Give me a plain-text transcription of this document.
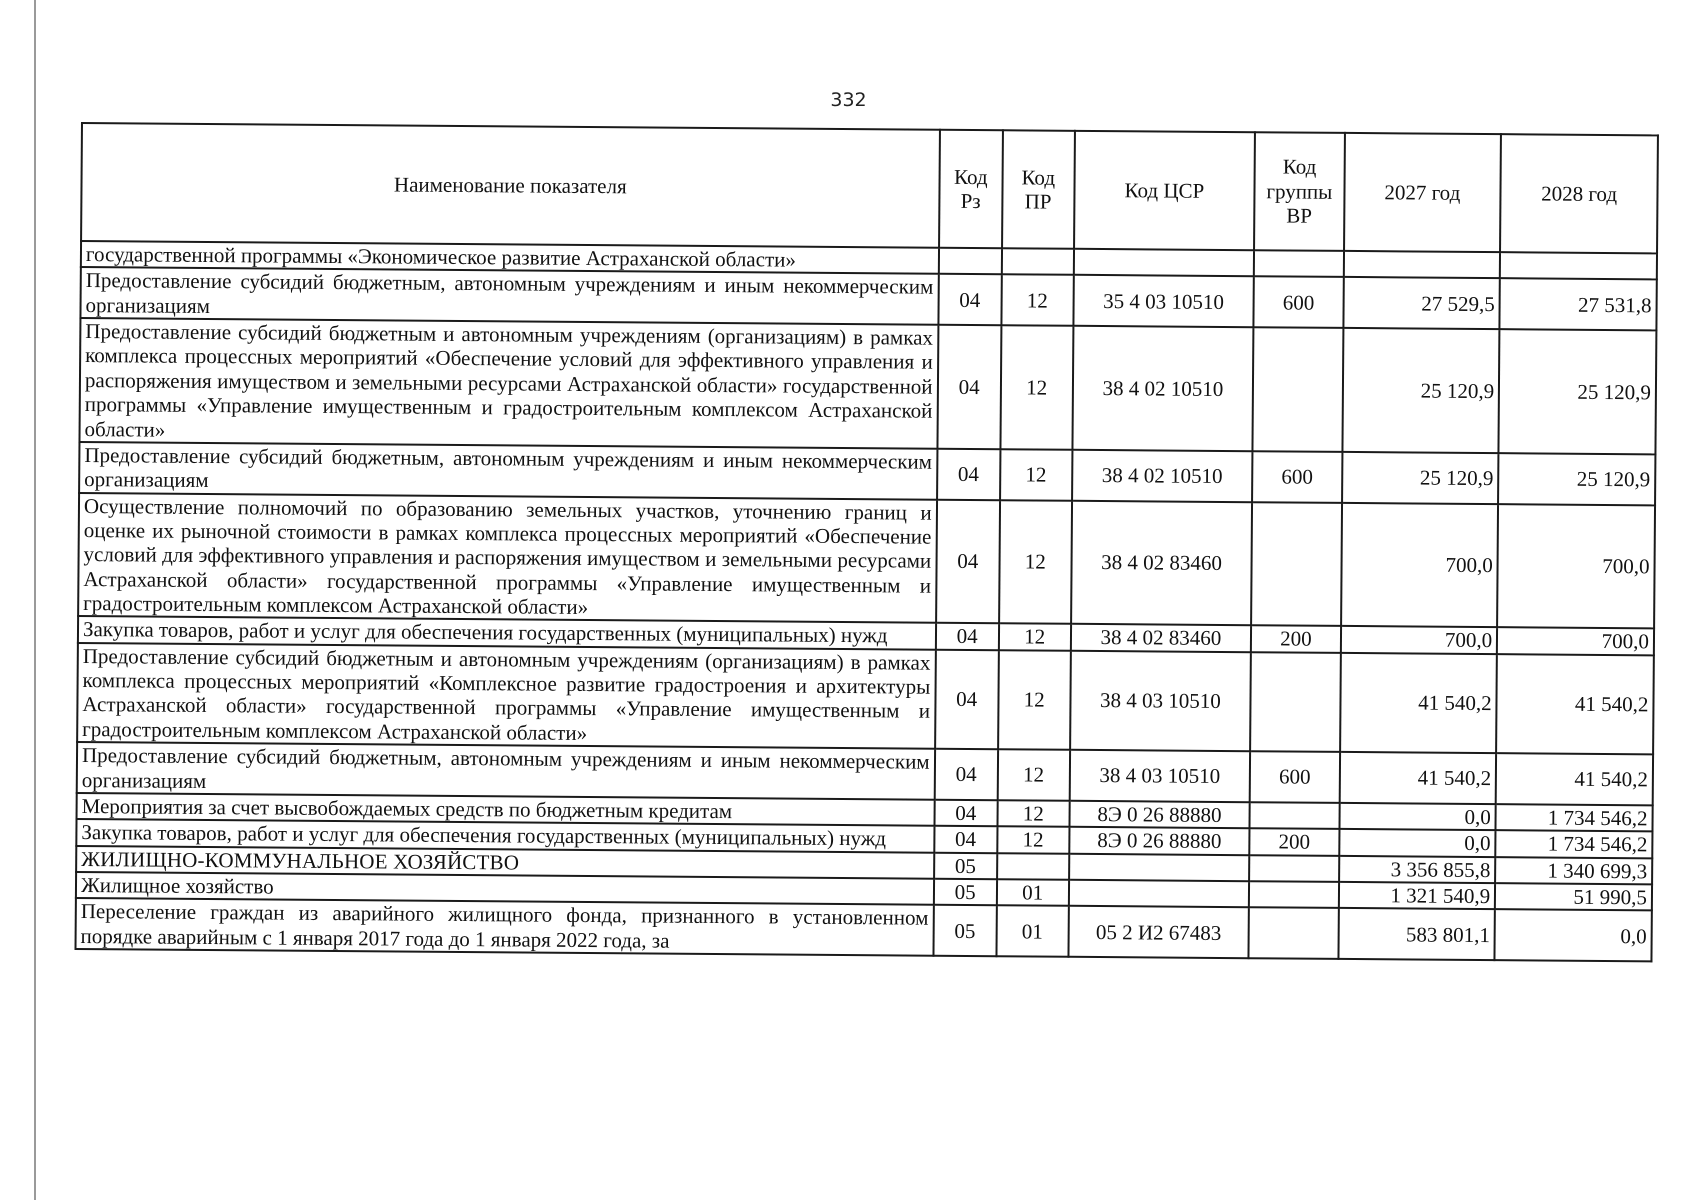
332
Наименование показателя	Код Рз	Код ПР	Код ЦСР	Код группы ВР	2027 год	2028 год
государственной программы «Экономическое развитие Астраханской области»						
Предоставление субсидий бюджетным, автономным учреждениям и иным некоммерческим организациям	04	12	35 4 03 10510	600	27 529,5	27 531,8
Предоставление субсидий бюджетным и автономным учреждениям (организациям) в рамках комплекса процессных мероприятий «Обеспечение условий для эффективного управления и распоряжения имуществом и земельными ресурсами Астраханской области» государственной программы «Управление имущественным и градостроительным комплексом Астраханской области»	04	12	38 4 02 10510		25 120,9	25 120,9
Предоставление субсидий бюджетным, автономным учреждениям и иным некоммерческим организациям	04	12	38 4 02 10510	600	25 120,9	25 120,9
Осуществление полномочий по образованию земельных участков, уточнению границ и оценке их рыночной стоимости в рамках комплекса процессных мероприятий «Обеспечение условий для эффективного управления и распоряжения имуществом и земельными ресурсами Астраханской области» государственной программы «Управление имущественным и градостроительным комплексом Астраханской области»	04	12	38 4 02 83460		700,0	700,0
Закупка товаров, работ и услуг для обеспечения государственных (муниципальных) нужд	04	12	38 4 02 83460	200	700,0	700,0
Предоставление субсидий бюджетным и автономным учреждениям (организациям) в рамках комплекса процессных мероприятий «Комплексное развитие градостроения и архитектуры Астраханской области» государственной программы «Управление имущественным и градостроительным комплексом Астраханской области»	04	12	38 4 03 10510		41 540,2	41 540,2
Предоставление субсидий бюджетным, автономным учреждениям и иным некоммерческим организациям	04	12	38 4 03 10510	600	41 540,2	41 540,2
Мероприятия за счет высвобождаемых средств по бюджетным кредитам	04	12	8Э 0 26 88880		0,0	1 734 546,2
Закупка товаров, работ и услуг для обеспечения государственных (муниципальных) нужд	04	12	8Э 0 26 88880	200	0,0	1 734 546,2
ЖИЛИЩНО-КОММУНАЛЬНОЕ ХОЗЯЙСТВО	05				3 356 855,8	1 340 699,3
Жилищное хозяйство	05	01			1 321 540,9	51 990,5
Переселение граждан из аварийного жилищного фонда, признанного в установленном порядке аварийным с 1 января 2017 года до 1 января 2022 года, за	05	01	05 2 И2 67483		583 801,1	0,0
